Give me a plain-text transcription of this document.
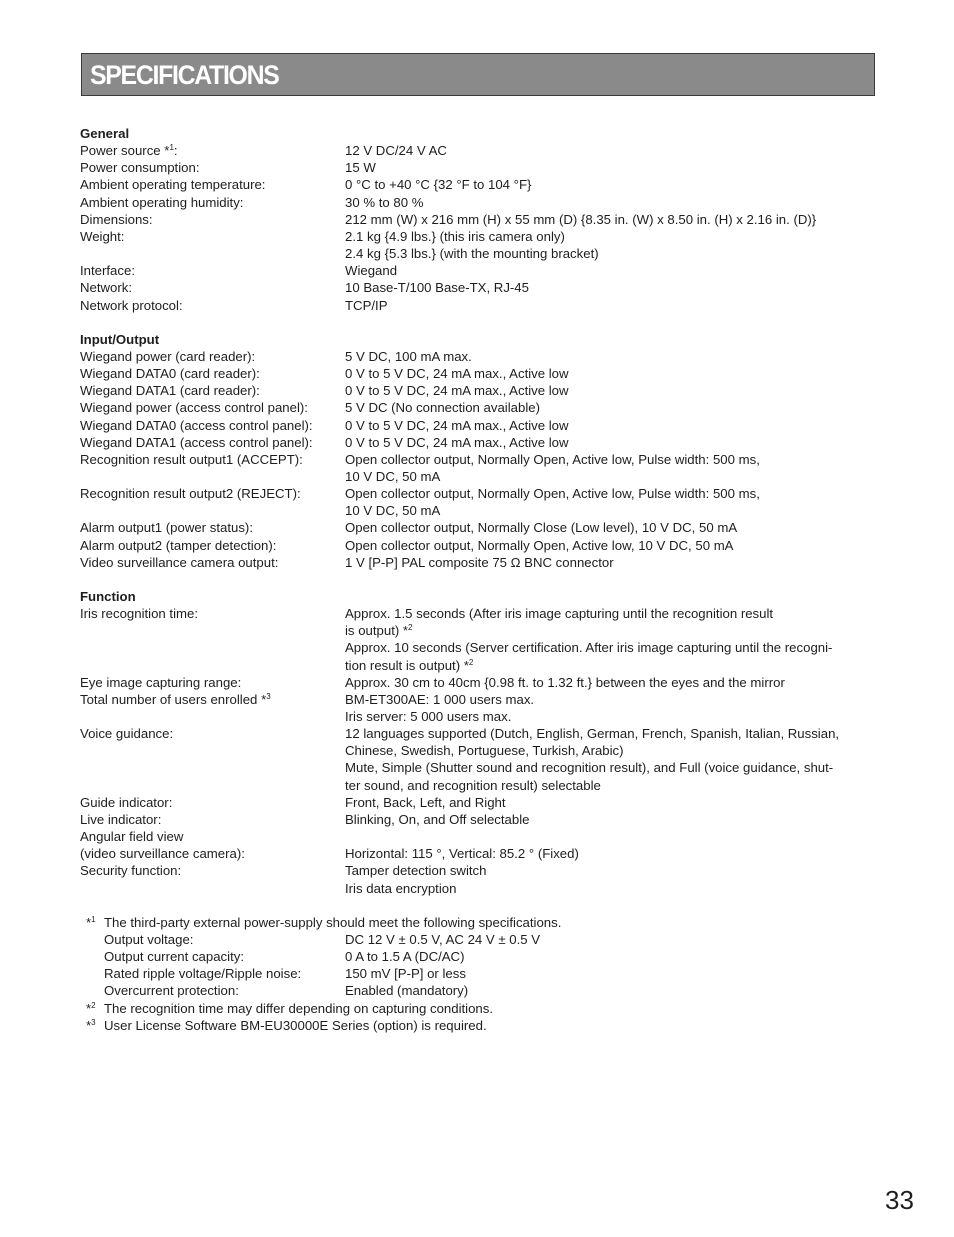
SPECIFICATIONS
General
Power source *$^1$:	12 V DC/24 V AC
Power consumption:	15 W
Ambient operating temperature:	0 °C to +40 °C {32 °F to 104 °F}
Ambient operating humidity:	30 % to 80 %
Dimensions:	212 mm (W) x 216 mm (H) x 55 mm (D) {8.35 in. (W) x 8.50 in. (H) x 2.16 in. (D)}
Weight:	2.1 kg {4.9 lbs.} (this iris camera only)
2.4 kg {5.3 lbs.} (with the mounting bracket)
Interface:	Wiegand
Network:	10 Base-T/100 Base-TX, RJ-45
Network protocol:	TCP/IP
Input/Output
Wiegand power (card reader):	5 V DC, 100 mA max.
Wiegand DATA0 (card reader):	0 V to 5 V DC, 24 mA max., Active low
Wiegand DATA1 (card reader):	0 V to 5 V DC, 24 mA max., Active low
Wiegand power (access control panel):	5 V DC (No connection available)
Wiegand DATA0 (access control panel):	0 V to 5 V DC, 24 mA max., Active low
Wiegand DATA1 (access control panel):	0 V to 5 V DC, 24 mA max., Active low
Recognition result output1 (ACCEPT):	Open collector output, Normally Open, Active low, Pulse width: 500 ms,
10 V DC, 50 mA
Recognition result output2 (REJECT):	Open collector output, Normally Open, Active low, Pulse width: 500 ms,
10 V DC, 50 mA
Alarm output1 (power status):	Open collector output, Normally Close (Low level), 10 V DC, 50 mA
Alarm output2 (tamper detection):	Open collector output, Normally Open, Active low, 10 V DC, 50 mA
Video surveillance camera output:	1 V [P-P] PAL composite 75 Ω BNC connector
Function
Iris recognition time:	Approx. 1.5 seconds (After iris image capturing until the recognition result
is output) *$^2$
Approx. 10 seconds (Server certification. After iris image capturing until the recogni-
tion result is output) *$^2$
Eye image capturing range:	Approx. 30 cm to 40cm {0.98 ft. to 1.32 ft.} between the eyes and the mirror
Total number of users enrolled *$^3$	BM-ET300AE: 1 000 users max.
Iris server: 5 000 users max.
Voice guidance:	12 languages supported (Dutch, English, German, French, Spanish, Italian, Russian,
Chinese, Swedish, Portuguese, Turkish, Arabic)
Mute, Simple (Shutter sound and recognition result), and Full (voice guidance, shut-
ter sound, and recognition result) selectable
Guide indicator:	Front, Back, Left, and Right
Live indicator:	Blinking, On, and Off selectable
Angular field view
(video surveillance camera):	Horizontal: 115 °, Vertical: 85.2 ° (Fixed)
Security function:	Tamper detection switch
Iris data encryption
*$^1$ The third-party external power-supply should meet the following specifications.
Output voltage:	DC 12 V ± 0.5 V, AC 24 V ± 0.5 V
Output current capacity:	0 A to 1.5 A (DC/AC)
Rated ripple voltage/Ripple noise:	150 mV [P-P] or less
Overcurrent protection:	Enabled (mandatory)
*$^2$ The recognition time may differ depending on capturing conditions.
*$^3$ User License Software BM-EU30000E Series (option) is required.
33
